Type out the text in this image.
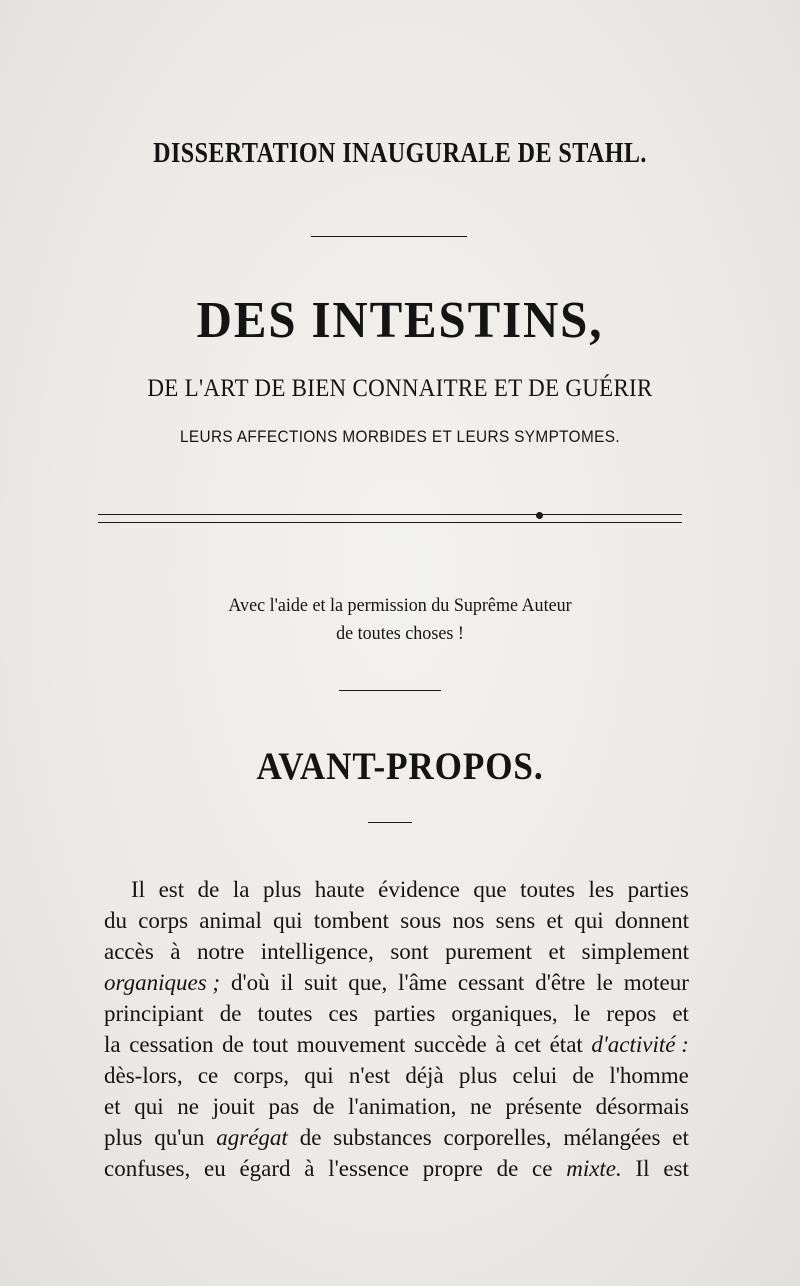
DISSERTATION INAUGURALE DE STAHL.
DES INTESTINS,
DE L'ART DE BIEN CONNAITRE ET DE GUÉRIR
LEURS AFFECTIONS MORBIDES ET LEURS SYMPTOMES.
Avec l'aide et la permission du Suprême Auteur
de toutes choses !
AVANT-PROPOS.
Il est de la plus haute évidence que toutes les parties
du corps animal qui tombent sous nos sens et qui donnent
accès à notre intelligence, sont purement et simplement
organiques ; d'où il suit que, l'âme cessant d'être le moteur
principiant de toutes ces parties organiques, le repos et
la cessation de tout mouvement succède à cet état d'activité :
dès-lors, ce corps, qui n'est déjà plus celui de l'homme
et qui ne jouit pas de l'animation, ne présente désormais
plus qu'un agrégat de substances corporelles, mélangées et
confuses, eu égard à l'essence propre de ce mixte. Il est
